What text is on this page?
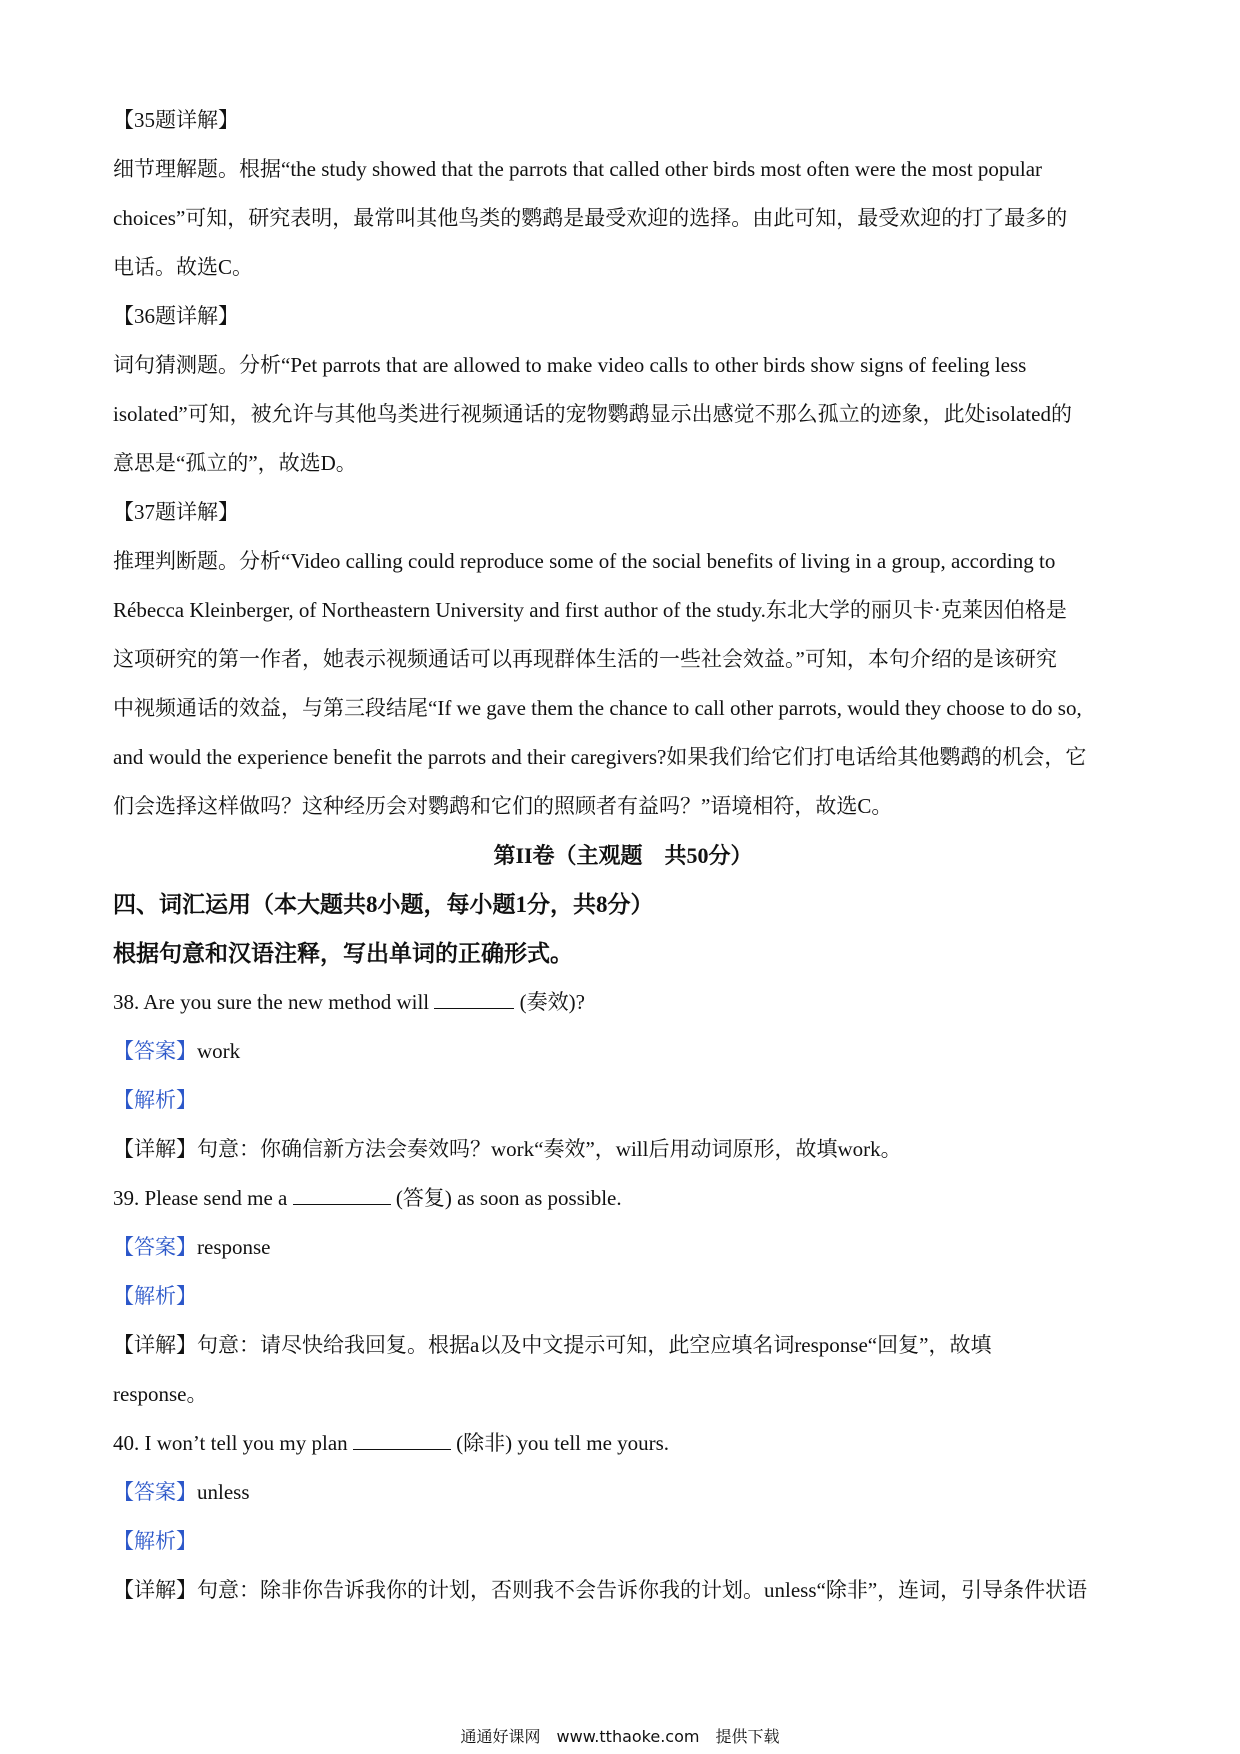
【35题详解】
细节理解题。根据“the study showed that the parrots that called other birds most often were the most popular
choices”可知，研究表明，最常叫其他鸟类的鹦鹉是最受欢迎的选择。由此可知，最受欢迎的打了最多的
电话。故选C。
【36题详解】
词句猜测题。分析“Pet parrots that are allowed to make video calls to other birds show signs of feeling less
isolated”可知，被允许与其他鸟类进行视频通话的宠物鹦鹉显示出感觉不那么孤立的迹象，此处isolated的
意思是“孤立的”，故选D。
【37题详解】
推理判断题。分析“Video calling could reproduce some of the social benefits of living in a group, according to
Rébecca Kleinberger, of Northeastern University and first author of the study.东北大学的丽贝卡·克莱因伯格是
这项研究的第一作者，她表示视频通话可以再现群体生活的一些社会效益。”可知，本句介绍的是该研究
中视频通话的效益，与第三段结尾“If we gave them the chance to call other parrots, would they choose to do so,
and would the experience benefit the parrots and their caregivers?如果我们给它们打电话给其他鹦鹉的机会，它
们会选择这样做吗？这种经历会对鹦鹉和它们的照顾者有益吗？”语境相符，故选C。
第II卷（主观题　共50分）
四、词汇运用（本大题共8小题，每小题1分，共8分）
根据句意和汉语注释，写出单词的正确形式。
38. Are you sure the new method will	(奏效)?
【答案】work
【解析】
【详解】句意：你确信新方法会奏效吗？work“奏效”，will后用动词原形，故填work。
39. Please send me a	(答复) as soon as possible.
【答案】response
【解析】
【详解】句意：请尽快给我回复。根据a以及中文提示可知，此空应填名词response“回复”，故填
response。
40. I won’t tell you my plan	(除非) you tell me yours.
【答案】unless
【解析】
【详解】句意：除非你告诉我你的计划，否则我不会告诉你我的计划。unless“除非”，连词，引导条件状语
通通好课网　www.tthaoke.com　提供下载
